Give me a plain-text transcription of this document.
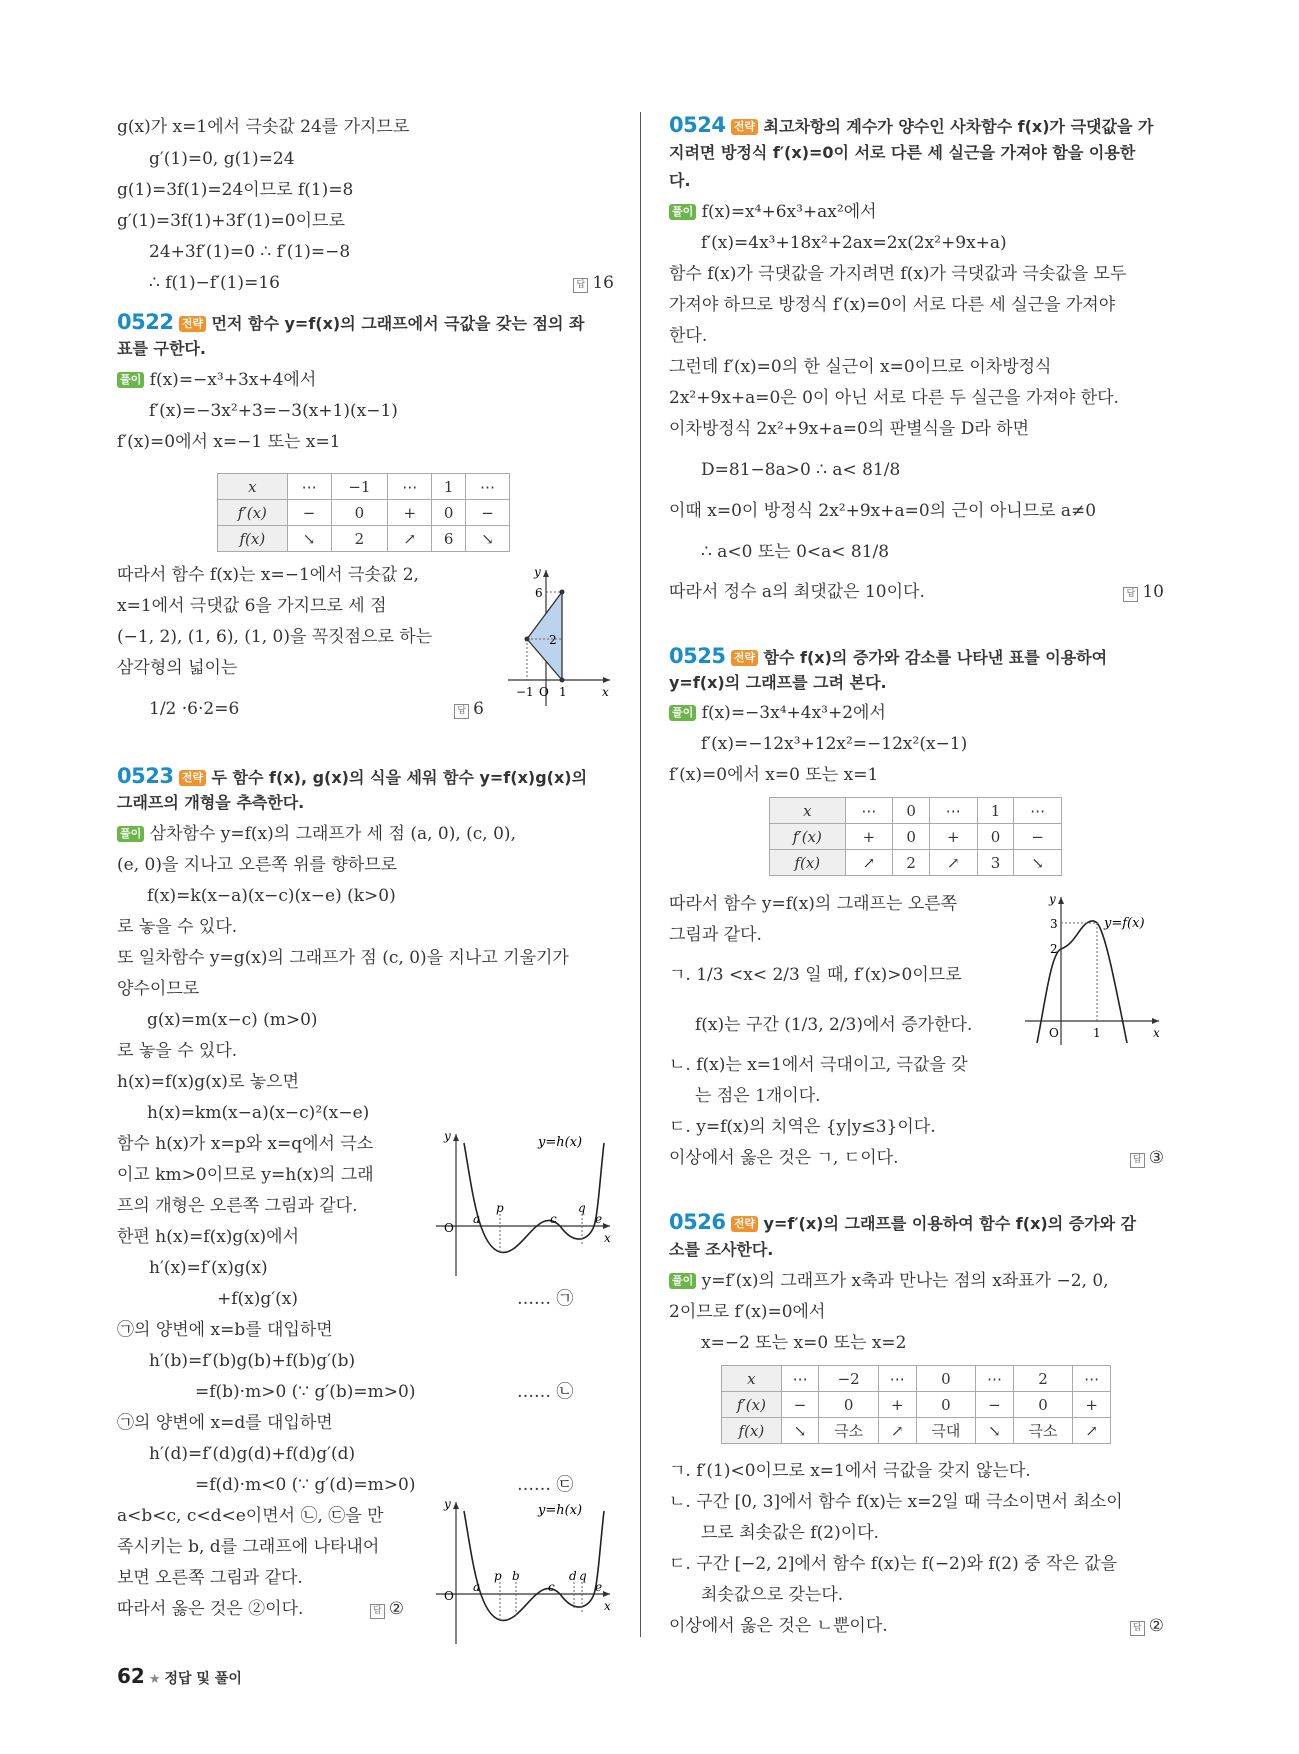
g(x)가 x=1에서 극솟값 24를 가지므로
g′(1)=0, g(1)=24
g(1)=3f(1)=24이므로 f(1)=8
g′(1)=3f(1)+3f′(1)=0이므로
24+3f′(1)=0 ∴ f′(1)=−8
∴ f(1)−f′(1)=16	답 16
0522 전략 먼저 함수 y=f(x)의 그래프에서 극값을 갖는 점의 좌
표를 구한다.
풀이 f(x)=−x³+3x+4에서
f′(x)=−3x²+3=−3(x+1)(x−1)
f′(x)=0에서 x=−1 또는 x=1
x	⋯	−1	⋯	1	⋯
f′(x)	−	0	+	0	−
f(x)	↘	2	↗	6	↘
따라서 함수 f(x)는 x=−1에서 극솟값 2,
x=1에서 극댓값 6을 가지므로 세 점
(−1, 2), (1, 6), (1, 0)을 꼭짓점으로 하는
삼각형의 넓이는
1/2 ·6·2=6	답 6
y
x
6
2
−1 O 1
0523 전략 두 함수 f(x), g(x)의 식을 세워 함수 y=f(x)g(x)의
그래프의 개형을 추측한다.
풀이 삼차함수 y=f(x)의 그래프가 세 점 (a, 0), (c, 0),
(e, 0)을 지나고 오른쪽 위를 향하므로
f(x)=k(x−a)(x−c)(x−e) (k>0)
로 놓을 수 있다.
또 일차함수 y=g(x)의 그래프가 점 (c, 0)을 지나고 기울기가
양수이므로
g(x)=m(x−c) (m>0)
로 놓을 수 있다.
h(x)=f(x)g(x)로 놓으면
h(x)=km(x−a)(x−c)²(x−e)
함수 h(x)가 x=p와 x=q에서 극소
이고 km>0이므로 y=h(x)의 그래
프의 개형은 오른쪽 그림과 같다.
한편 h(x)=f(x)g(x)에서
h′(x)=f′(x)g(x)
+f(x)g′(x)	…… ㉠
㉠의 양변에 x=b를 대입하면
h′(b)=f′(b)g(b)+f(b)g′(b)
=f(b)·m>0 (∵ g′(b)=m>0)	…… ㉡
㉠의 양변에 x=d를 대입하면
h′(d)=f′(d)g(d)+f(d)g′(d)
=f(d)·m<0 (∵ g′(d)=m>0)	…… ㉢
a<b<c, c<d<e이면서 ㉡, ㉢을 만
족시키는 b, d를 그래프에 나타내어
보면 오른쪽 그림과 같다.
따라서 옳은 것은 ②이다.	답 ②
y
x
O
y=h(x)
a
p
c
q
e
y
x
O
y=h(x)
a
p b
c
d q
e
0524 전략 최고차항의 계수가 양수인 사차함수 f(x)가 극댓값을 가
지려면 방정식 f′(x)=0이 서로 다른 세 실근을 가져야 함을 이용한
다.
풀이 f(x)=x⁴+6x³+ax²에서
f′(x)=4x³+18x²+2ax=2x(2x²+9x+a)
함수 f(x)가 극댓값을 가지려면 f(x)가 극댓값과 극솟값을 모두
가져야 하므로 방정식 f′(x)=0이 서로 다른 세 실근을 가져야
한다.
그런데 f′(x)=0의 한 실근이 x=0이므로 이차방정식
2x²+9x+a=0은 0이 아닌 서로 다른 두 실근을 가져야 한다.
이차방정식 2x²+9x+a=0의 판별식을 D라 하면
D=81−8a>0 ∴ a< 81/8
이때 x=0이 방정식 2x²+9x+a=0의 근이 아니므로 a≠0
∴ a<0 또는 0<a< 81/8
따라서 정수 a의 최댓값은 10이다.	답 10
0525 전략 함수 f(x)의 증가와 감소를 나타낸 표를 이용하여
y=f(x)의 그래프를 그려 본다.
풀이 f(x)=−3x⁴+4x³+2에서
f′(x)=−12x³+12x²=−12x²(x−1)
f′(x)=0에서 x=0 또는 x=1
x	⋯	0	⋯	1	⋯
f′(x)	+	0	+	0	−
f(x)	↗	2	↗	3	↘
따라서 함수 y=f(x)의 그래프는 오른쪽
그림과 같다.
ㄱ. 1/3 <x< 2/3 일 때, f′(x)>0이므로
f(x)는 구간 (1/3, 2/3)에서 증가한다.
ㄴ. f(x)는 x=1에서 극대이고, 극값을 갖
는 점은 1개이다.
ㄷ. y=f(x)의 치역은 {y|y≤3}이다.
이상에서 옳은 것은 ㄱ, ㄷ이다.	답 ③
y
x
O
3
2
1
y=f(x)
0526 전략 y=f′(x)의 그래프를 이용하여 함수 f(x)의 증가와 감
소를 조사한다.
풀이 y=f′(x)의 그래프가 x축과 만나는 점의 x좌표가 −2, 0,
2이므로 f′(x)=0에서
x=−2 또는 x=0 또는 x=2
x	⋯	−2	⋯	0	⋯	2	⋯
f′(x)	−	0	+	0	−	0	+
f(x)	↘	극소	↗	극대	↘	극소	↗
ㄱ. f′(1)<0이므로 x=1에서 극값을 갖지 않는다.
ㄴ. 구간 [0, 3]에서 함수 f(x)는 x=2일 때 극소이면서 최소이
므로 최솟값은 f(2)이다.
ㄷ. 구간 [−2, 2]에서 함수 f(x)는 f(−2)와 f(2) 중 작은 값을
최솟값으로 갖는다.
이상에서 옳은 것은 ㄴ뿐이다.	답 ②
62 ★ 정답 및 풀이
